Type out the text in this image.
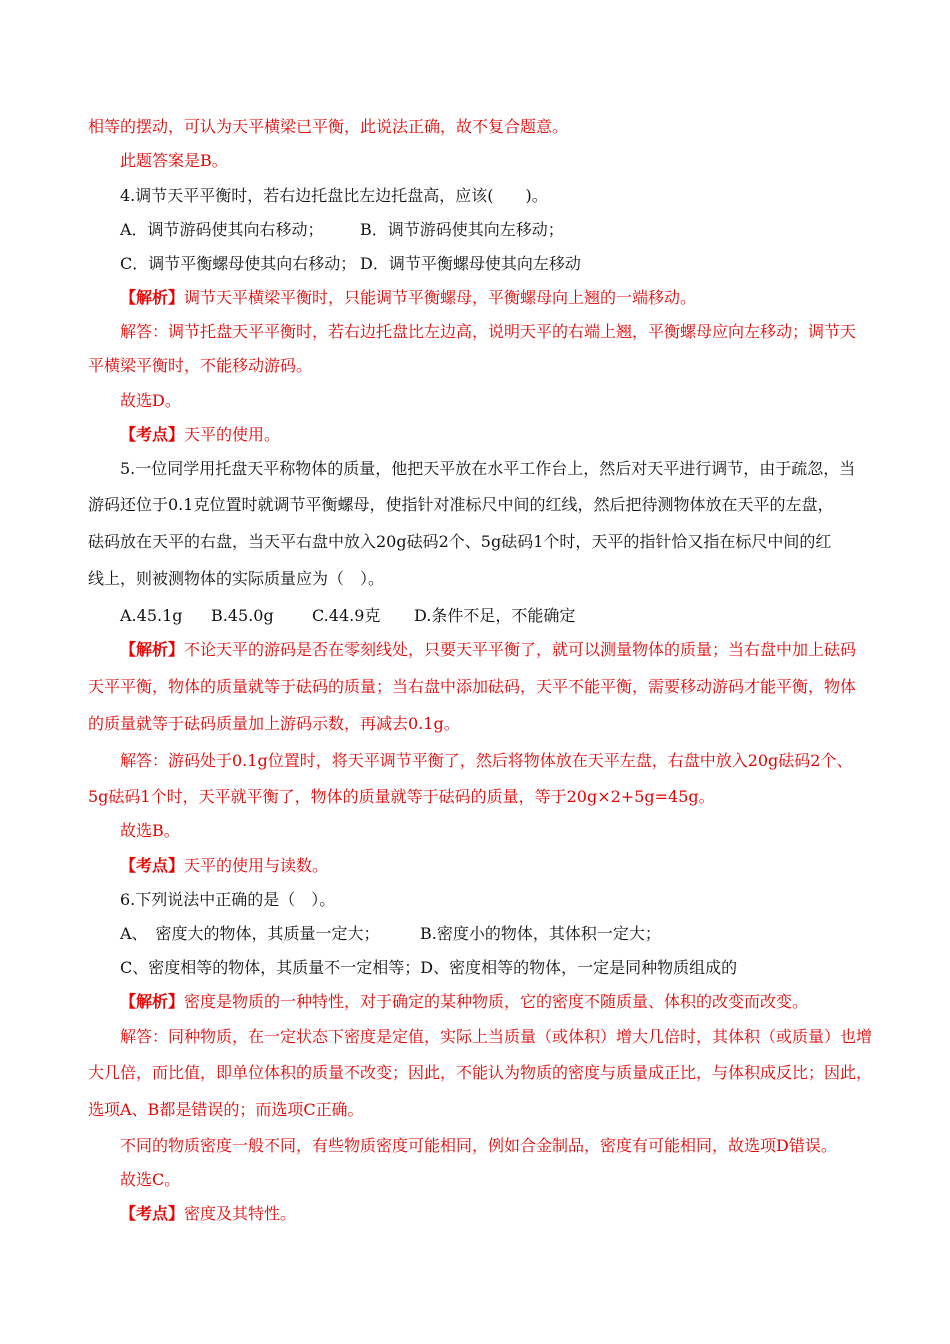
相等的摆动，可认为天平横梁已平衡，此说法正确，故不复合题意。
此题答案是B。
4.调节天平平衡时，若右边托盘比左边托盘高，应该(　　)。
A．调节游码使其向右移动； B．调节游码使其向左移动；
C．调节平衡螺母使其向右移动； D．调节平衡螺母使其向左移动
【解析】调节天平横梁平衡时，只能调节平衡螺母，平衡螺母向上翘的一端移动。
解答：调节托盘天平平衡时，若右边托盘比左边高，说明天平的右端上翘，平衡螺母应向左移动；调节天
平横梁平衡时，不能移动游码。
故选D。
【考点】天平的使用。
5.一位同学用托盘天平称物体的质量，他把天平放在水平工作台上，然后对天平进行调节，由于疏忽，当
游码还位于0.1克位置时就调节平衡螺母，使指针对准标尺中间的红线，然后把待测物体放在天平的左盘，
砝码放在天平的右盘，当天平右盘中放入20g砝码2个、5g砝码1个时，天平的指针恰又指在标尺中间的红
线上，则被测物体的实际质量应为（　）。
A.45.1g B.45.0g C.44.9克 D.条件不足，不能确定
【解析】不论天平的游码是否在零刻线处，只要天平平衡了，就可以测量物体的质量；当右盘中加上砝码
天平平衡，物体的质量就等于砝码的质量；当右盘中添加砝码，天平不能平衡，需要移动游码才能平衡，物体
的质量就等于砝码质量加上游码示数，再减去0.1g。
解答：游码处于0.1g位置时，将天平调节平衡了，然后将物体放在天平左盘，右盘中放入20g砝码2个、
5g砝码1个时，天平就平衡了，物体的质量就等于砝码的质量，等于20g×2+5g=45g。
故选B。
【考点】天平的使用与读数。
6.下列说法中正确的是（　）。
A、　密度大的物体，其质量一定大；	B.密度小的物体，其体积一定大；
C、密度相等的物体，其质量不一定相等；D、密度相等的物体，一定是同种物质组成的
【解析】密度是物质的一种特性，对于确定的某种物质，它的密度不随质量、体积的改变而改变。
解答：同种物质，在一定状态下密度是定值，实际上当质量（或体积）增大几倍时，其体积（或质量）也增
大几倍，而比值，即单位体积的质量不改变；因此，不能认为物质的密度与质量成正比，与体积成反比；因此，
选项A、B都是错误的；而选项C正确。
不同的物质密度一般不同，有些物质密度可能相同，例如合金制品，密度有可能相同，故选项D错误。
故选C。
【考点】密度及其特性。
